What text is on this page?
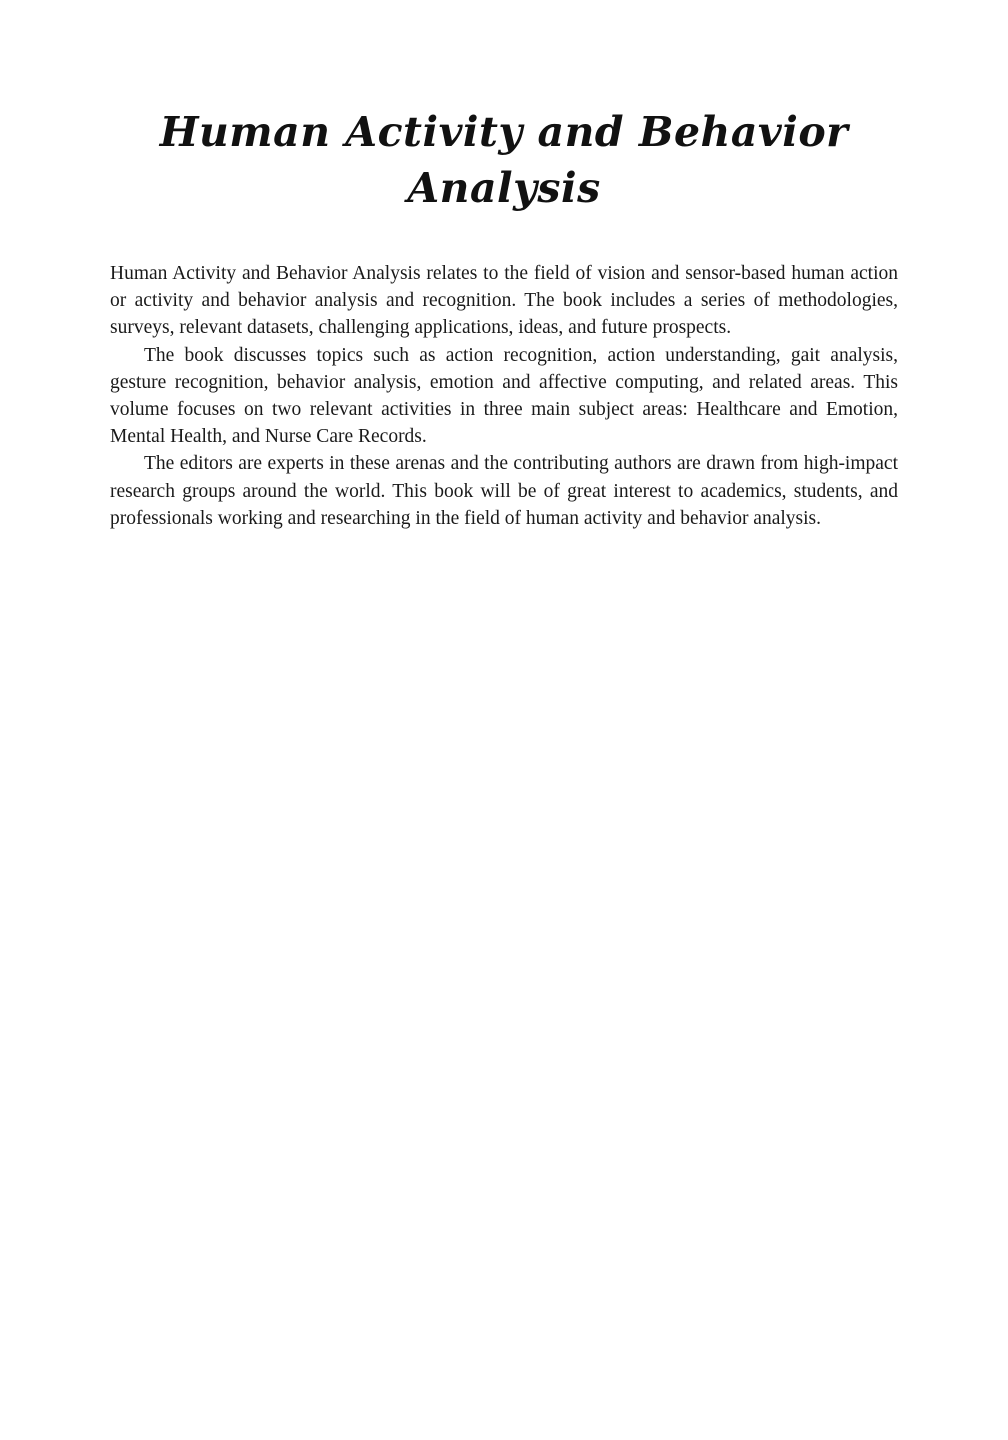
Human Activity and Behavior
Analysis

Human Activity and Behavior Analysis relates to the field of vision and sensor-based human action or activity and behavior analysis and recognition. The book includes a series of methodologies, surveys, relevant datasets, challenging applications, ideas, and future prospects.

The book discusses topics such as action recognition, action understanding, gait analysis, gesture recognition, behavior analysis, emotion and affective computing, and related areas. This volume focuses on two relevant activities in three main subject areas: Healthcare and Emotion, Mental Health, and Nurse Care Records.

The editors are experts in these arenas and the contributing authors are drawn from high-impact research groups around the world. This book will be of great interest to academics, students, and professionals working and researching in the field of human activity and behavior analysis.
